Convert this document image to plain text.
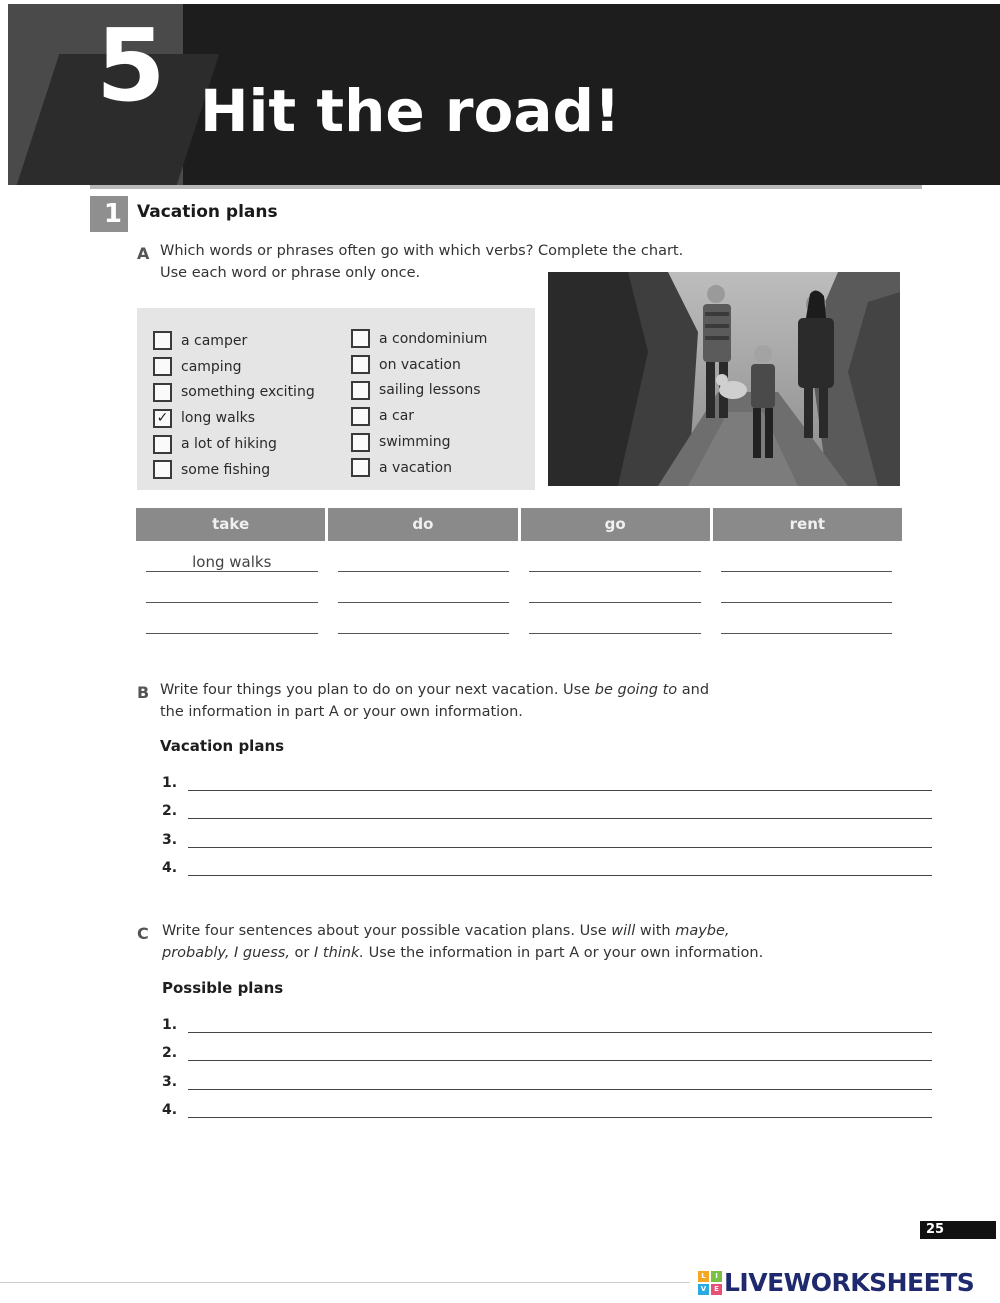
5 Hit the road!
1 Vacation plans
A Which words or phrases often go with which verbs? Complete the chart.
Use each word or phrase only once.
a camper
camping
something exciting
✓ long walks
a lot of hiking
some fishing
a condominium
on vacation
sailing lessons
a car
swimming
a vacation
take	do	go	rent
long walks
B Write four things you plan to do on your next vacation. Use be going to and
the information in part A or your own information.
Vacation plans
1.
2.
3.
4.
C Write four sentences about your possible vacation plans. Use will with maybe,
probably, I guess, or I think. Use the information in part A or your own information.
Possible plans
1.
2.
3.
4.
25
L	I
V	E LIVEWORKSHEETS
